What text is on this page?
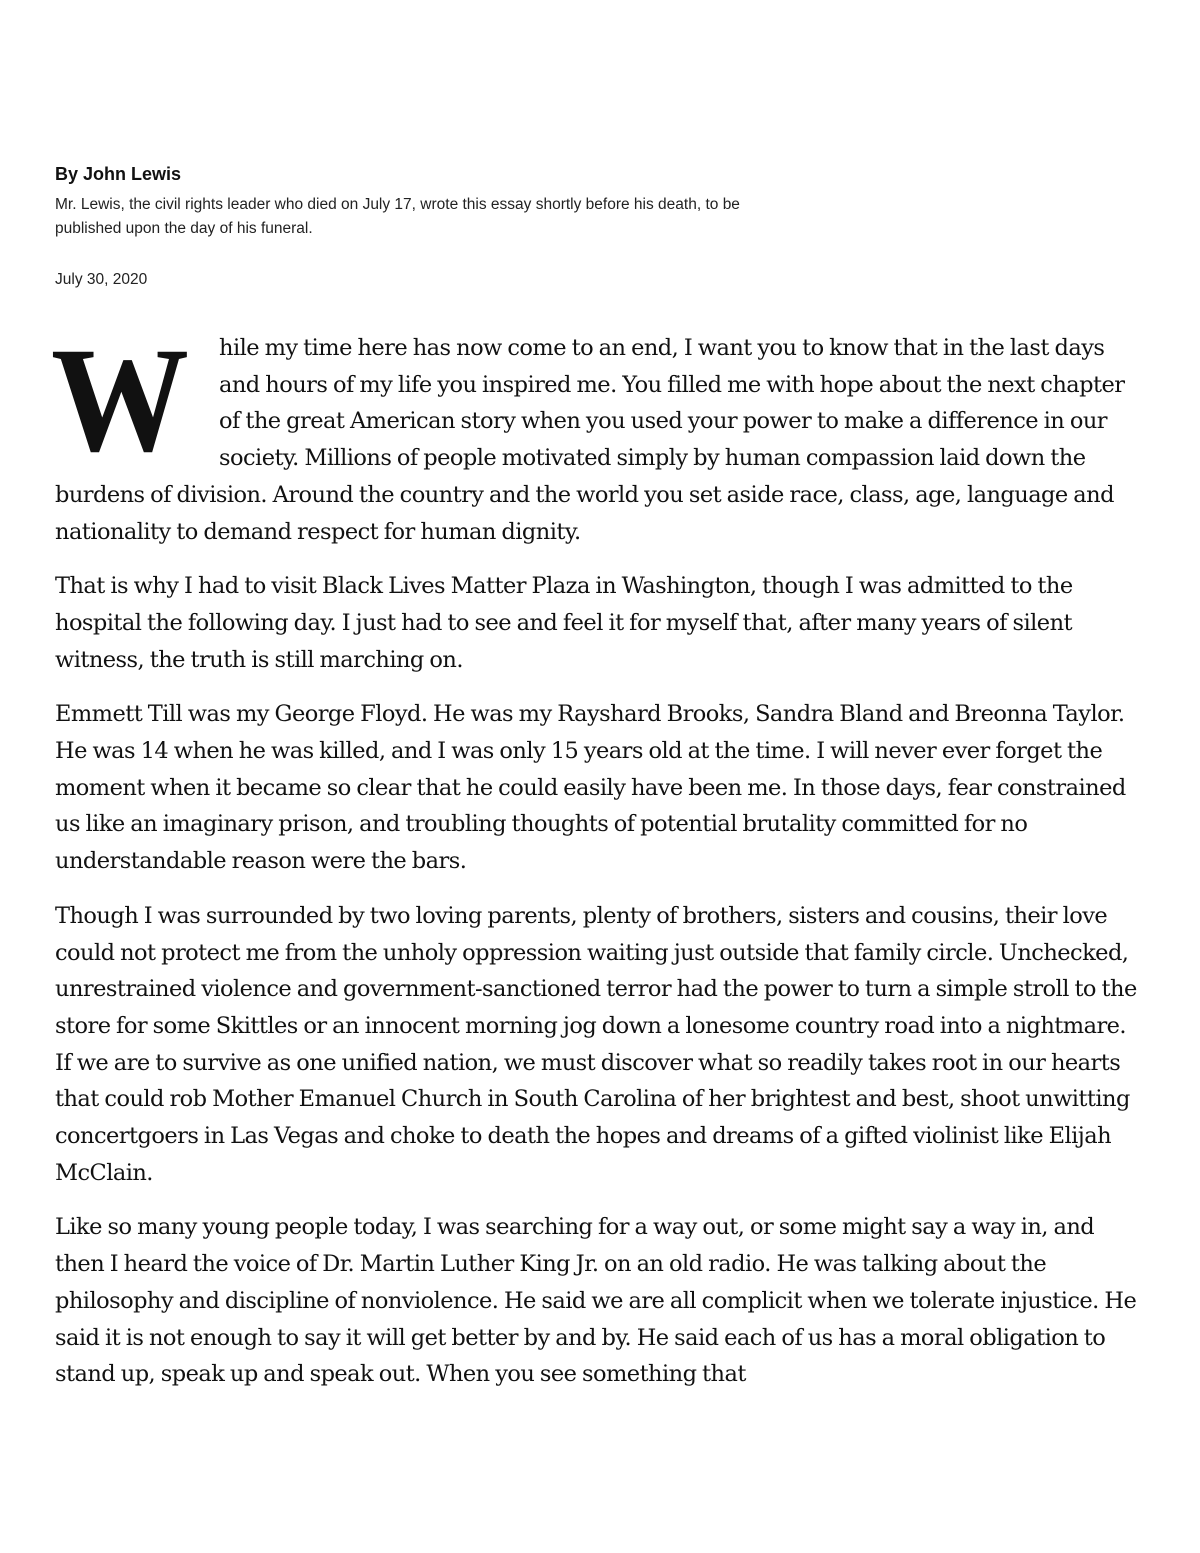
By John Lewis
Mr. Lewis, the civil rights leader who died on July 17, wrote this essay shortly before his death, to be published upon the day of his funeral.
July 30, 2020

W hile my time here has now come to an end, I want you to know that in the last days and hours of my life you inspired me. You filled me with hope about the next chapter of the great American story when you used your power to make a difference in our society. Millions of people motivated simply by human compassion laid down the burdens of division. Around the country and the world you set aside race, class, age, language and nationality to demand respect for human dignity.

That is why I had to visit Black Lives Matter Plaza in Washington, though I was admitted to the hospital the following day. I just had to see and feel it for myself that, after many years of silent witness, the truth is still marching on.

Emmett Till was my George Floyd. He was my Rayshard Brooks, Sandra Bland and Breonna Taylor. He was 14 when he was killed, and I was only 15 years old at the time. I will never ever forget the moment when it became so clear that he could easily have been me. In those days, fear constrained us like an imaginary prison, and troubling thoughts of potential brutality committed for no understandable reason were the bars.

Though I was surrounded by two loving parents, plenty of brothers, sisters and cousins, their love could not protect me from the unholy oppression waiting just outside that family circle. Unchecked, unrestrained violence and government-sanctioned terror had the power to turn a simple stroll to the store for some Skittles or an innocent morning jog down a lonesome country road into a nightmare. If we are to survive as one unified nation, we must discover what so readily takes root in our hearts that could rob Mother Emanuel Church in South Carolina of her brightest and best, shoot unwitting concertgoers in Las Vegas and choke to death the hopes and dreams of a gifted violinist like Elijah McClain.

Like so many young people today, I was searching for a way out, or some might say a way in, and then I heard the voice of Dr. Martin Luther King Jr. on an old radio. He was talking about the philosophy and discipline of nonviolence. He said we are all complicit when we tolerate injustice. He said it is not enough to say it will get better by and by. He said each of us has a moral obligation to stand up, speak up and speak out. When you see something that
